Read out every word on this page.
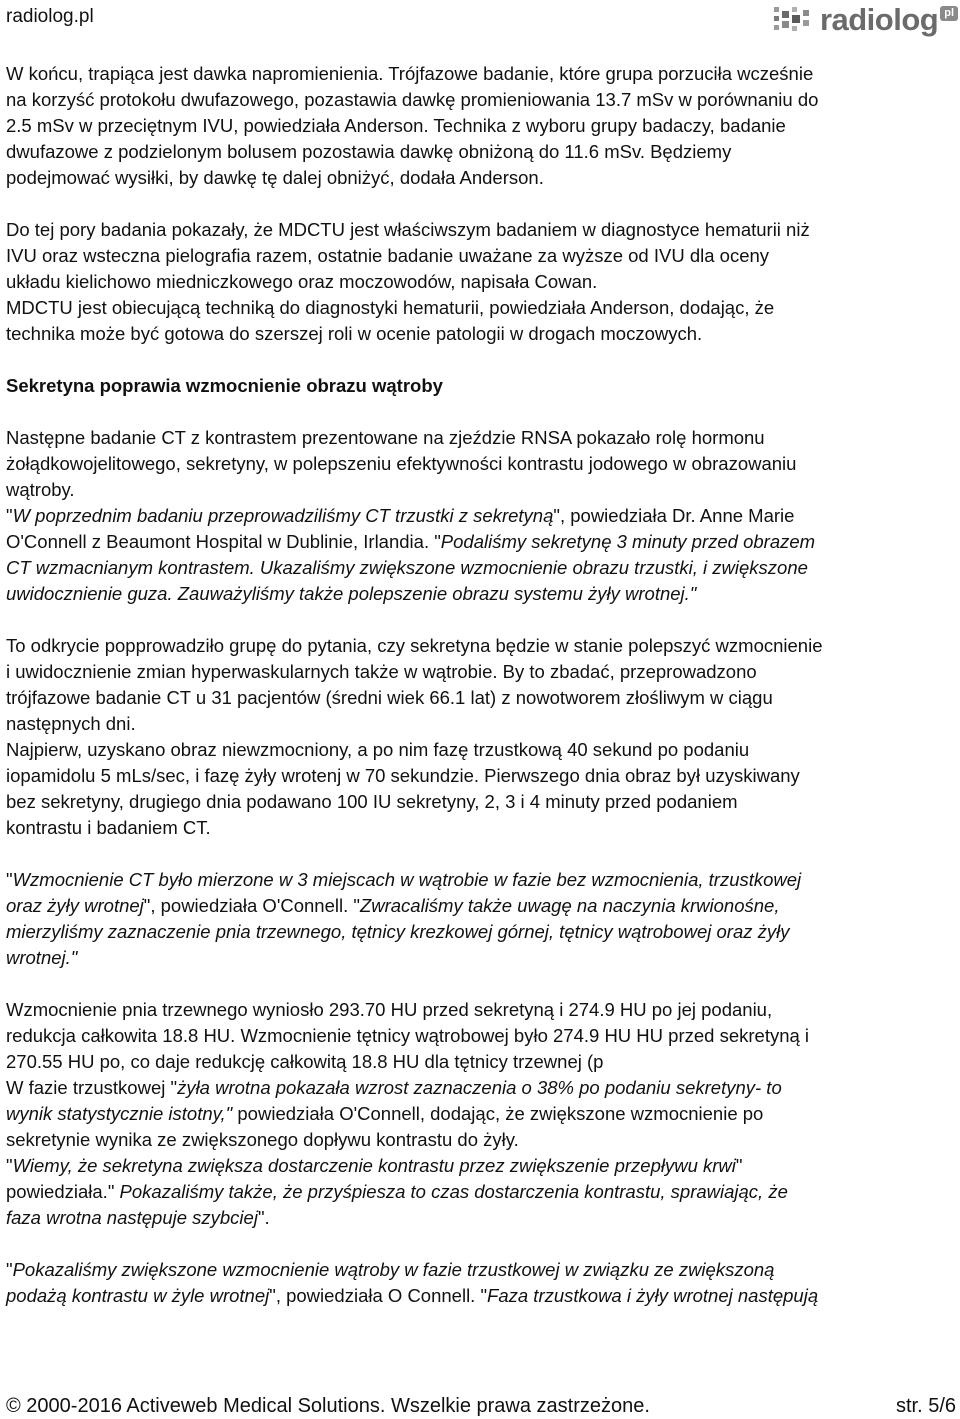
radiolog.pl	radiolog pl

W końcu, trapiąca jest dawka napromienienia. Trójfazowe badanie, które grupa porzuciła wcześnie
na korzyść protokołu dwufazowego, pozastawia dawkę promieniowania 13.7 mSv w porównaniu do
2.5 mSv w przeciętnym IVU, powiedziała Anderson. Technika z wyboru grupy badaczy, badanie
dwufazowe z podzielonym bolusem pozostawia dawkę obniżoną do 11.6 mSv. Będziemy
podejmować wysiłki, by dawkę tę dalej obniżyć, dodała Anderson.

Do tej pory badania pokazały, że MDCTU jest właściwszym badaniem w diagnostyce hematurii niż
IVU oraz wsteczna pielografia razem, ostatnie badanie uważane za wyższe od IVU dla oceny
układu kielichowo miedniczkowego oraz moczowodów, napisała Cowan.
MDCTU jest obiecującą techniką do diagnostyki hematurii, powiedziała Anderson, dodając, że
technika może być gotowa do szerszej roli w ocenie patologii w drogach moczowych.

Sekretyna poprawia wzmocnienie obrazu wątroby

Następne badanie CT z kontrastem prezentowane na zjeździe RNSA pokazało rolę hormonu
żołądkowojelitowego, sekretyny, w polepszeniu efektywności kontrastu jodowego w obrazowaniu
wątroby.
"W poprzednim badaniu przeprowadziliśmy CT trzustki z sekretyną", powiedziała Dr. Anne Marie
O'Connell z Beaumont Hospital w Dublinie, Irlandia. "Podaliśmy sekretynę 3 minuty przed obrazem
CT wzmacnianym kontrastem. Ukazaliśmy zwiększone wzmocnienie obrazu trzustki, i zwiększone
uwidocznienie guza. Zauważyliśmy także polepszenie obrazu systemu żyły wrotnej."

To odkrycie popprowadziło grupę do pytania, czy sekretyna będzie w stanie polepszyć wzmocnienie
i uwidocznienie zmian hyperwaskularnych także w wątrobie. By to zbadać, przeprowadzono
trójfazowe badanie CT u 31 pacjentów (średni wiek 66.1 lat) z nowotworem złośliwym w ciągu
następnych dni.
Najpierw, uzyskano obraz niewzmocniony, a po nim fazę trzustkową 40 sekund po podaniu
iopamidolu 5 mLs/sec, i fazę żyły wrotenj w 70 sekundzie. Pierwszego dnia obraz był uzyskiwany
bez sekretyny, drugiego dnia podawano 100 IU sekretyny, 2, 3 i 4 minuty przed podaniem
kontrastu i badaniem CT.

"Wzmocnienie CT było mierzone w 3 miejscach w wątrobie w fazie bez wzmocnienia, trzustkowej
oraz żyły wrotnej", powiedziała O'Connell. "Zwracaliśmy także uwagę na naczynia krwionośne,
mierzyliśmy zaznaczenie pnia trzewnego, tętnicy krezkowej górnej, tętnicy wątrobowej oraz żyły
wrotnej."

Wzmocnienie pnia trzewnego wyniosło 293.70 HU przed sekretyną i 274.9 HU po jej podaniu,
redukcja całkowita 18.8 HU. Wzmocnienie tętnicy wątrobowej było 274.9 HU HU przed sekretyną i
270.55 HU po, co daje redukcję całkowitą 18.8 HU dla tętnicy trzewnej (p
W fazie trzustkowej "żyła wrotna pokazała wzrost zaznaczenia o 38% po podaniu sekretyny- to
wynik statystycznie istotny," powiedziała O'Connell, dodając, że zwiększone wzmocnienie po
sekretynie wynika ze zwiększonego dopływu kontrastu do żyły.
"Wiemy, że sekretyna zwiększa dostarczenie kontrastu przez zwiększenie przepływu krwi"
powiedziała." Pokazaliśmy także, że przyśpiesza to czas dostarczenia kontrastu, sprawiając, że
faza wrotna następuje szybciej".

"Pokazaliśmy zwiększone wzmocnienie wątroby w fazie trzustkowej w związku ze zwiększoną
podażą kontrastu w żyle wrotnej", powiedziała O Connell. "Faza trzustkowa i żyły wrotnej następują

© 2000-2016 Activeweb Medical Solutions. Wszelkie prawa zastrzeżone.	str. 5/6
